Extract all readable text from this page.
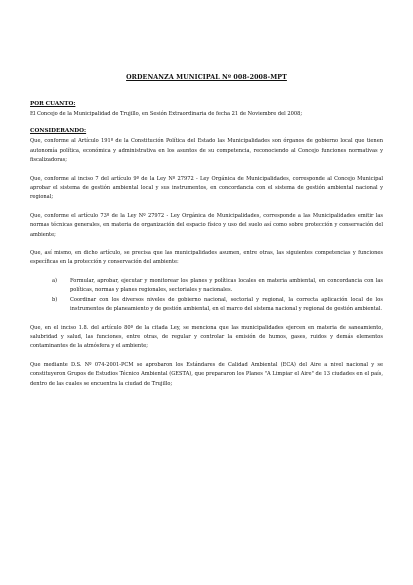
ORDENANZA MUNICIPAL Nº 008-2008-MPT
POR CUANTO:

El Concejo de la Municipalidad de Trujillo, en Sesión Extraordinaria de fecha 21 de Noviembre del 2008;

CONSIDERANDO:

Que, conforme al Artículo 191º de la Constitución Política del Estado las Municipalidades son órganos de gobierno local que tienen autonomía política, económica y administrativa en los asuntos de su competencia, reconociendo al Concejo funciones normativas y fiscalizadoras;

Que, conforme al inciso 7 del artículo 9º de la Ley Nº 27972 - Ley Orgánica de Municipalidades, corresponde al Concejo Municipal aprobar el sistema de gestión ambiental local y sus instrumentos, en concordancia con el sistema de gestión ambiental nacional y regional;

Que, conforme el artículo 73º de la Ley Nº 27972 - Ley Orgánica de Municipalidades, corresponde a las Municipalidades emitir las normas técnicas generales, en materia de organización del espacio físico y uso del suelo así como sobre protección y conservación del ambiente;

Que, así mismo, en dicho artículo, se precisa que las municipalidades asumen, entre otras, las siguientes competencias y funciones específicas en la protección y conservación del ambiente:

a)	Formular, aprobar, ejecutar y monitorear los planes y políticas locales en materia ambiental, en concordancia con las políticas, normas y planes regionales, sectoriales y nacionales.
b)	Coordinar con los diversos niveles de gobierno nacional, sectorial y regional, la correcta aplicación local de los instrumentos de planeamiento y de gestión ambiental, en el marco del sistema nacional y regional de gestión ambiental.

Que, en el inciso 1.8. del artículo 80º de la citada Ley, se menciona que las municipalidades ejercen en materia de saneamiento, salubridad y salud, las funciones, entre otras, de regular y controlar la emisión de humos, gases, ruidos y demás elementos contaminantes de la atmósfera y el ambiente;

Que mediante D.S. Nº 074-2001-PCM se aprobaron los Estándares de Calidad Ambiental (ECA) del Aire a nivel nacional y se constituyeron Grupos de Estudios Técnico Ambiental (GESTA), que prepararon los Planes "A Limpiar el Aire" de 13 ciudades en el país, dentro de las cuales se encuentra la ciudad de Trujillo;
